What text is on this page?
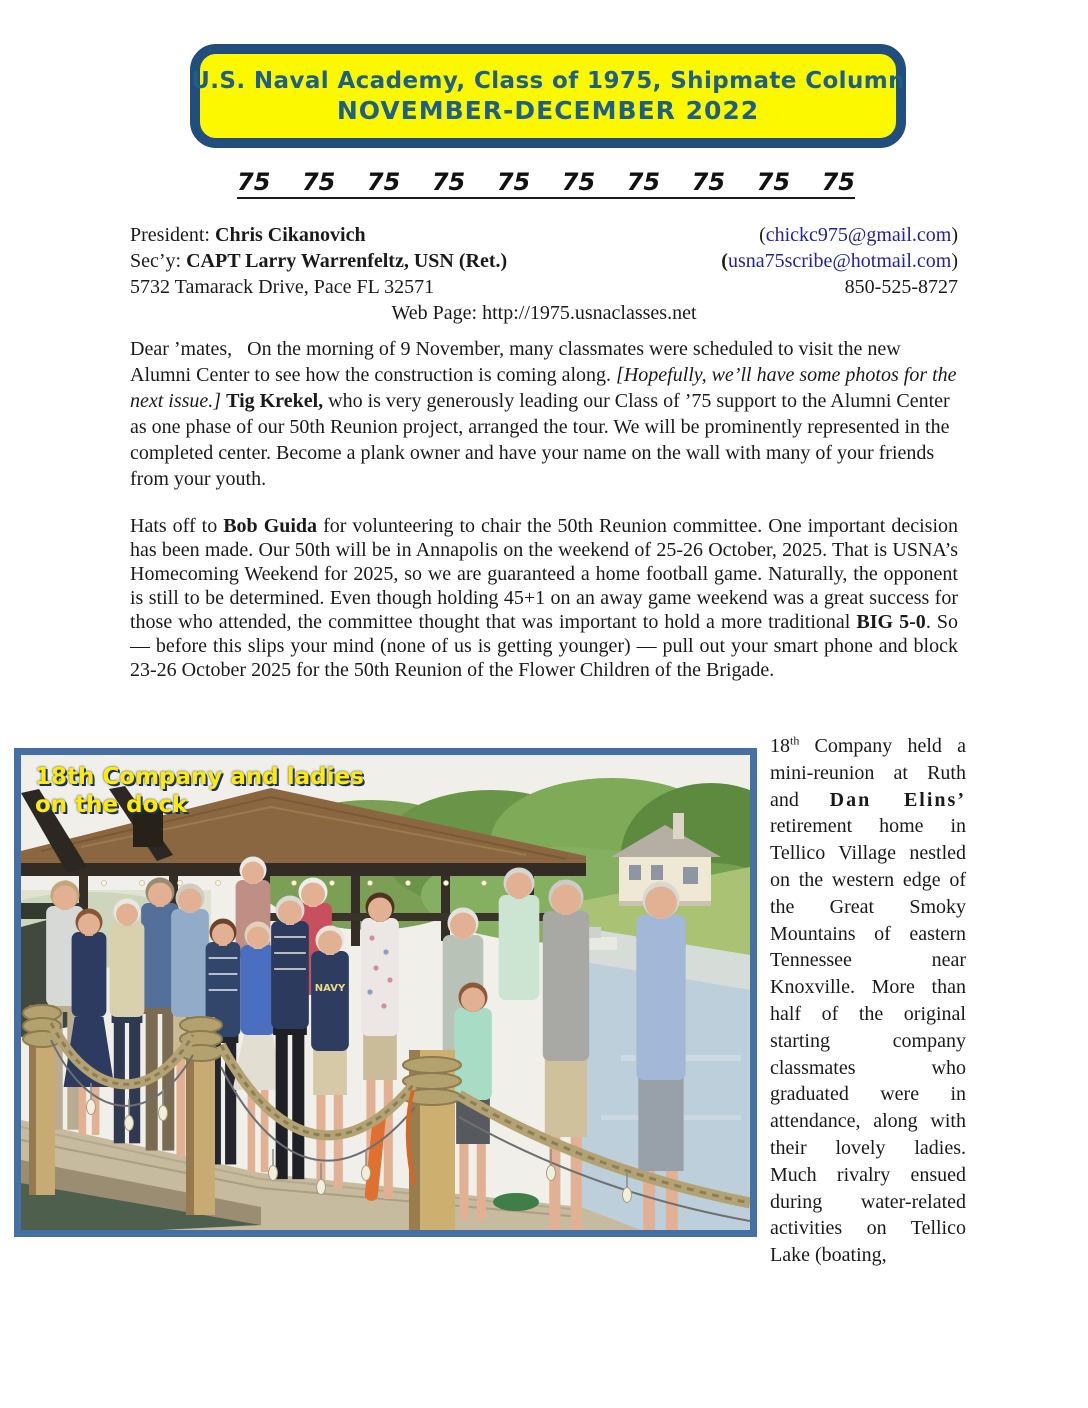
U.S. Naval Academy, Class of 1975, Shipmate Column
NOVEMBER-DECEMBER 2022
75 75 75 75 75 75 75 75 75 75
President: Chris Cikanovich	(chickc975@gmail.com)
Sec’y: CAPT Larry Warrenfeltz, USN (Ret.)	(usna75scribe@hotmail.com)
5732 Tamarack Drive, Pace FL 32571	850-525-8727
Web Page: http://1975.usnaclasses.net

Dear ’mates,   On the morning of 9 November, many classmates were scheduled to visit the new Alumni Center to see how the construction is coming along. [Hopefully, we’ll have some photos for the next issue.] Tig Krekel, who is very generously leading our Class of ’75 support to the Alumni Center as one phase of our 50th Reunion project, arranged the tour. We will be prominently represented in the completed center. Become a plank owner and have your name on the wall with many of your friends from your youth.

Hats off to Bob Guida for volunteering to chair the 50th Reunion committee. One important decision has been made. Our 50th will be in Annapolis on the weekend of 25-26 October, 2025. That is USNA’s Homecoming Weekend for 2025, so we are guaranteed a home football game. Naturally, the opponent is still to be determined. Even though holding 45+1 on an away game weekend was a great success for those who attended, the committee thought that was important to hold a more traditional BIG 5-0. So — before this slips your mind (none of us is getting younger) — pull out your smart phone and block 23-26 October 2025 for the 50th Reunion of the Flower Children of the Brigade.

NAVY
18th Company and ladies
on the dock

18th Company held a mini-reunion at Ruth and Dan Elins’ retirement home in Tellico Village nestled on the western edge of the Great Smoky Mountains of eastern Tennessee near Knoxville. More than half of the original starting company classmates who graduated were in attendance, along with their lovely ladies. Much rivalry ensued during water-related activities on Tellico Lake (boating,
